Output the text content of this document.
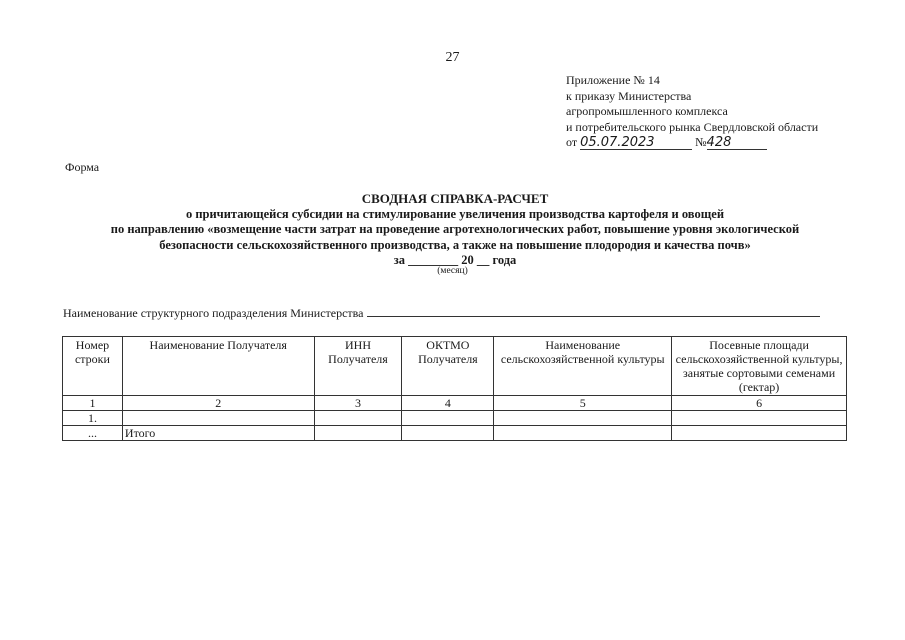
27
Приложение № 14
к приказу Министерства
агропромышленного комплекса
и потребительского рынка Свердловской области
от 05.07.2023	№428
Форма
СВОДНАЯ СПРАВКА-РАСЧЕТ
о причитающейся субсидии на стимулирование увеличения производства картофеля и овощей
по направлению «возмещение части затрат на проведение агротехнологических работ, повышение уровня экологической
безопасности сельскохозяйственного производства, а также на повышение плодородия и качества почв»
за ________ 20 __ года
(месяц)
Наименование структурного подразделения Министерства
Номер строки	Наименование Получателя	ИНН Получателя	ОКТМО Получателя	Наименование сельскохозяйственной культуры	Посевные площади сельскохозяйственной культуры, занятые сортовыми семенами (гектар)
1	2	3	4	5	6
1.					
...	Итого				
